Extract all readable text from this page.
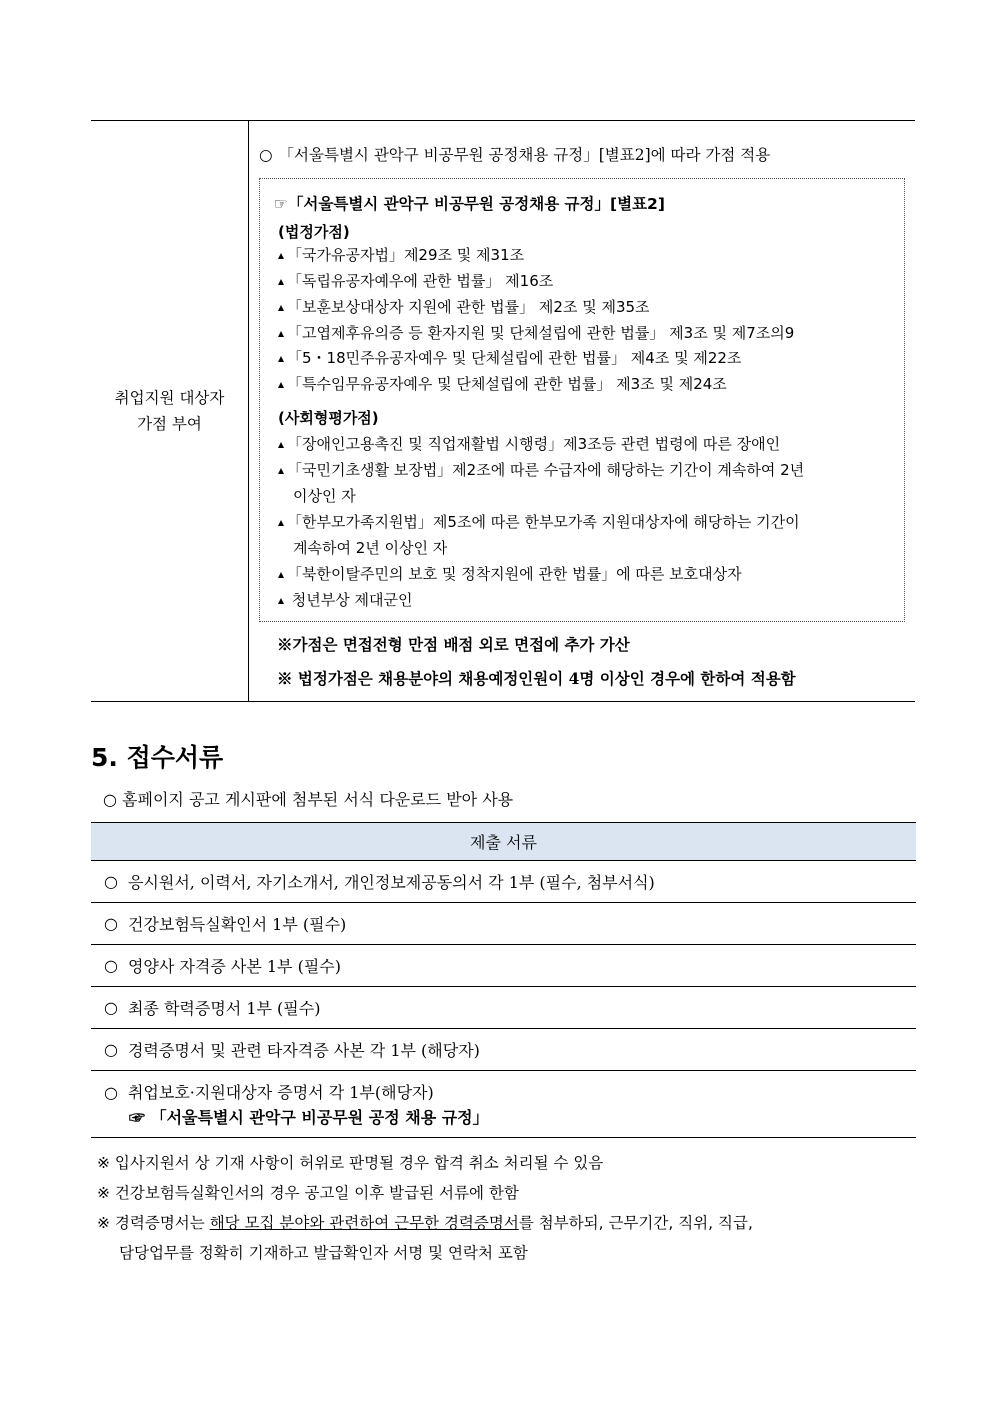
취업지원 대상자
가점 부여
○ 「서울특별시 관악구 비공무원 공정채용 규정」[별표2]에 따라 가점 적용
☞「서울특별시 관악구 비공무원 공정채용 규정」[별표2]
(법정가점)
「국가유공자법」제29조 및 제31조
「독립유공자예우에 관한 법률」 제16조
「보훈보상대상자 지원에 관한 법률」 제2조 및 제35조
「고엽제후유의증 등 환자지원 및 단체설립에 관한 법률」 제3조 및 제7조의9
「5・18민주유공자예우 및 단체설립에 관한 법률」 제4조 및 제22조
「특수임무유공자예우 및 단체설립에 관한 법률」 제3조 및 제24조
(사회형평가점)
「장애인고용촉진 및 직업재활법 시행령」제3조등 관련 법령에 따른 장애인
「국민기초생활 보장법」제2조에 따른 수급자에 해당하는 기간이 계속하여 2년
이상인 자
「한부모가족지원법」제5조에 따른 한부모가족 지원대상자에 해당하는 기간이
계속하여 2년 이상인 자
「북한이탈주민의 보호 및 정착지원에 관한 법률」에 따른 보호대상자
청년부상 제대군인
※가점은 면접전형 만점 배점 외로 면접에 추가 가산
※ 법정가점은 채용분야의 채용예정인원이 4명 이상인 경우에 한하여 적용함
5. 접수서류
○ 홈페이지 공고 게시판에 첨부된 서식 다운로드 받아 사용
제출 서류
○ 응시원서, 이력서, 자기소개서, 개인정보제공동의서 각 1부 (필수, 첨부서식)
○ 건강보험득실확인서 1부 (필수)
○ 영양사 자격증 사본 1부 (필수)
○ 최종 학력증명서 1부 (필수)
○ 경력증명서 및 관련 타자격증 사본 각 1부 (해당자)
○ 취업보호·지원대상자 증명서 각 1부(해당자)
☞ 「서울특별시 관악구 비공무원 공정 채용 규정」
※ 입사지원서 상 기재 사항이 허위로 판명될 경우 합격 취소 처리될 수 있음
※ 건강보험득실확인서의 경우 공고일 이후 발급된 서류에 한함
※ 경력증명서는 해당 모집 분야와 관련하여 근무한 경력증명서를 첨부하되, 근무기간, 직위, 직급,
담당업무를 정확히 기재하고 발급확인자 서명 및 연락처 포함
